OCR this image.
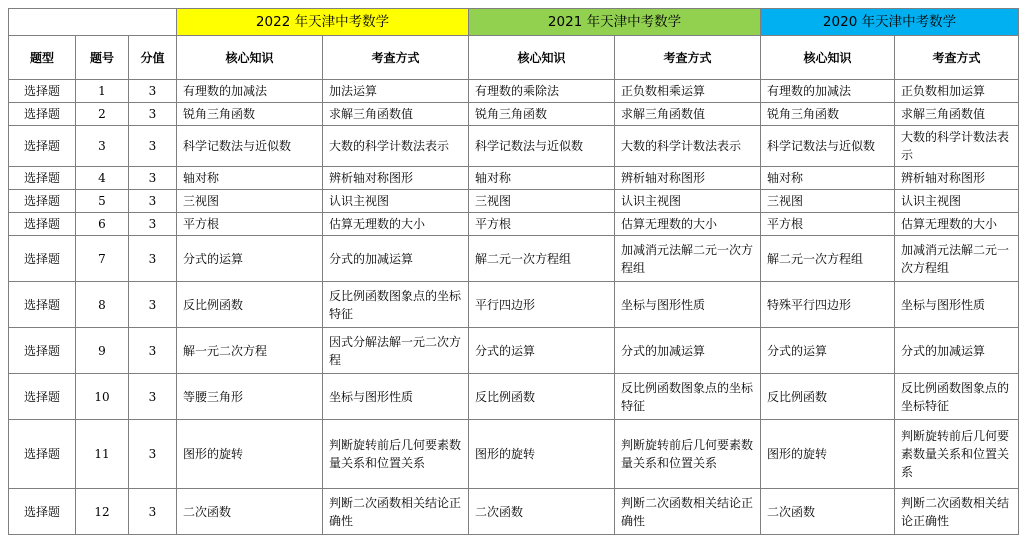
			2022 年天津中考数学		2021 年天津中考数学		2020 年天津中考数学	
题型	题号	分值	核心知识	考查方式	核心知识	考查方式	核心知识	考查方式
选择题	1	3	有理数的加减法	加法运算	有理数的乘除法	正负数相乘运算	有理数的加减法	正负数相加运算
选择题	2	3	锐角三角函数	求解三角函数值	锐角三角函数	求解三角函数值	锐角三角函数	求解三角函数值
选择题	3	3	科学记数法与近似数	大数的科学计数法表示	科学记数法与近似数	大数的科学计数法表示	科学记数法与近似数	大数的科学计数法表示
选择题	4	3	轴对称	辨析轴对称图形	轴对称	辨析轴对称图形	轴对称	辨析轴对称图形
选择题	5	3	三视图	认识主视图	三视图	认识主视图	三视图	认识主视图
选择题	6	3	平方根	估算无理数的大小	平方根	估算无理数的大小	平方根	估算无理数的大小
选择题	7	3	分式的运算	分式的加减运算	解二元一次方程组	加减消元法解二元一次方程组	解二元一次方程组	加减消元法解二元一次方程组
选择题	8	3	反比例函数	反比例函数图象点的坐标特征	平行四边形	坐标与图形性质	特殊平行四边形	坐标与图形性质
选择题	9	3	解一元二次方程	因式分解法解一元二次方程	分式的运算	分式的加减运算	分式的运算	分式的加减运算
选择题	10	3	等腰三角形	坐标与图形性质	反比例函数	反比例函数图象点的坐标特征	反比例函数	反比例函数图象点的坐标特征
选择题	11	3	图形的旋转	判断旋转前后几何要素数量关系和位置关系	图形的旋转	判断旋转前后几何要素数量关系和位置关系	图形的旋转	判断旋转前后几何要素数量关系和位置关系
选择题	12	3	二次函数	判断二次函数相关结论正确性	二次函数	判断二次函数相关结论正确性	二次函数	判断二次函数相关结论正确性
